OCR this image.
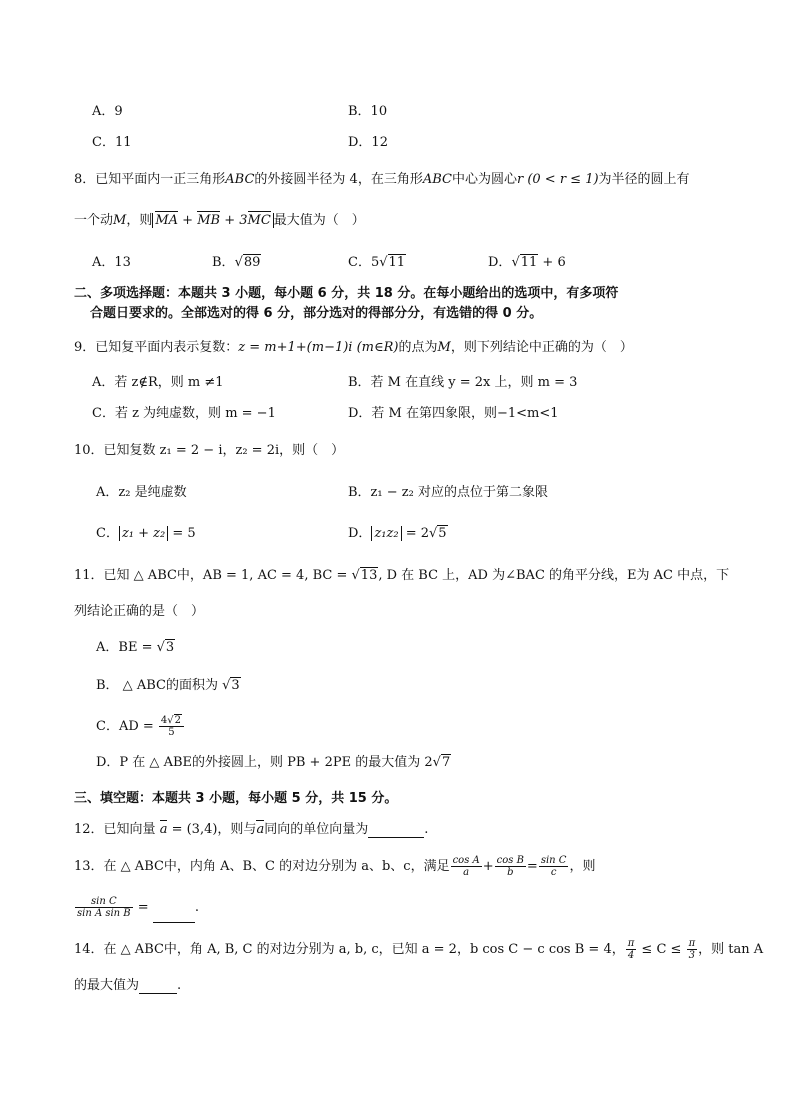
A．9	B．10
C．11	D．12
8．已知平面内一正三角形ABC的外接圆半径为 4，在三角形ABC中心为圆心r (0 < r ≤ 1)为半径的圆上有
一个动M，则 MA + MB + 3MC 最大值为（　）
A．13	B．√89	C．5√11	D．√11 + 6
二、多项选择题：本题共 3 小题，每小题 6 分，共 18 分。在每小题给出的选项中，有多项符
合题日要求的。全部选对的得 6 分，部分选对的得部分分，有选错的得 0 分。
9．已知复平面内表示复数：z = m+1+(m−1)i (m∈R)的点为M，则下列结论中正确的为（　）
A．若 z∉R，则 m ≠1	B．若 M 在直线 y = 2x 上，则 m = 3
C．若 z 为纯虚数，则 m = −1	D．若 M 在第四象限，则−1<m<1
10．已知复数 z₁ = 2 − i，z₂ = 2i，则（　）
A．z₂ 是纯虚数	B．z₁ − z₂ 对应的点位于第二象限
C． z₁ + z₂ = 5	D． z₁z₂ = 2√5
11．已知 △ ABC中，AB = 1, AC = 4, BC = √13, D 在 BC 上，AD 为∠BAC 的角平分线，E为 AC 中点，下
列结论正确的是（　）
A．BE = √3
B． △ ABC的面积为 √3
C．AD = $\frac{4√2}{5}$
D．P 在 △ ABE的外接圆上，则 PB + 2PE 的最大值为 2√7
三、填空题：本题共 3 小题，每小题 5 分，共 15 分。
12．已知向量 a = (3,4)，则与a同向的单位向量为	.
13．在 △ ABC中，内角 A、B、C 的对边分别为 a、b、c，满足 $\frac{\text{cos A}}{a} + \frac{\text{cos B}}{b} = \frac{\text{sin C}}{c}$ ，则
$\frac{\text{sin C}}{\text{sin A sin B}}$ =	.
14．在 △ ABC中，角 A, B, C 的对边分别为 a, b, c，已知 a = 2，b cos C − c cos B = 4， $\frac{\pi}{4} \le C \le \frac{\pi}{3}$ ，则 tan A
的最大值为	.
